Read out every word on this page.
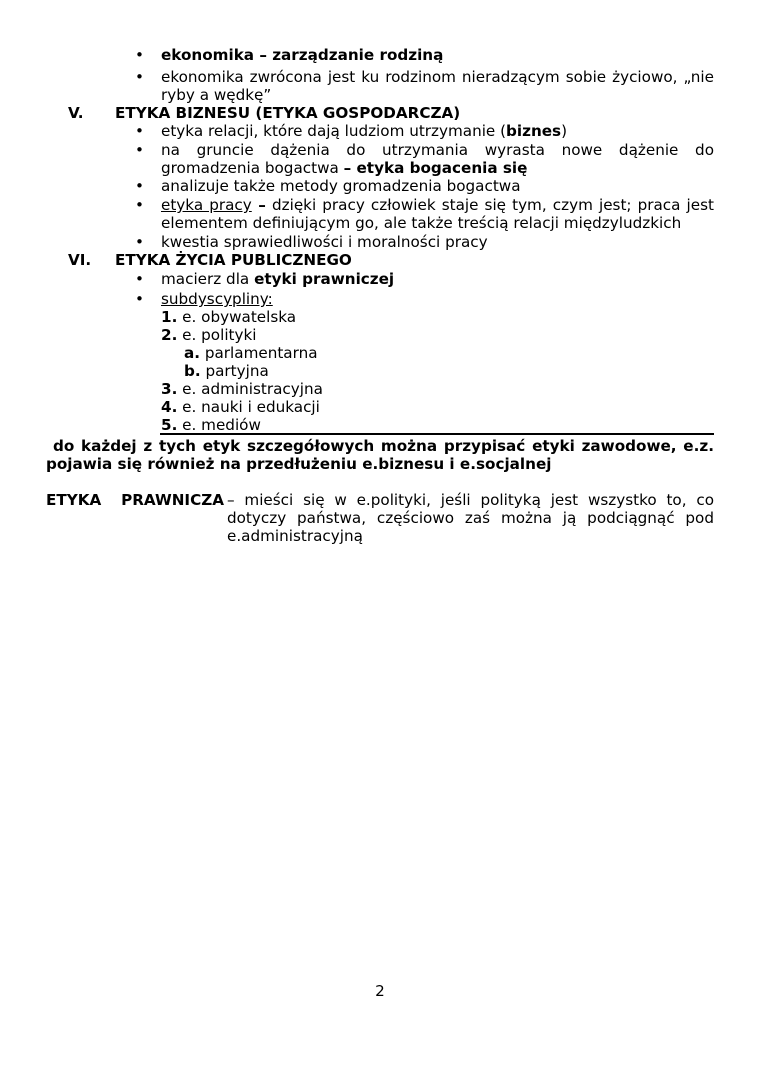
•	ekonomika – zarządzanie rodziną
•	ekonomika zwrócona jest ku rodzinom nieradzącym sobie życiowo, „nie ryby a wędkę”
V. ETYKA BIZNESU (ETYKA GOSPODARCZA)
•	etyka relacji, które dają ludziom utrzymanie (biznes)
•	na gruncie dążenia do utrzymania wyrasta nowe dążenie do gromadzenia bogactwa – etyka bogacenia się
•	analizuje także metody gromadzenia bogactwa
•	etyka pracy – dzięki pracy człowiek staje się tym, czym jest; praca jest elementem definiującym go, ale także treścią relacji międzyludzkich
•	kwestia sprawiedliwości i moralności pracy
VI. ETYKA ŻYCIA PUBLICZNEGO
•	macierz dla etyki prawniczej
•	subdyscypliny:
1. e. obywatelska
2. e. polityki
a. parlamentarna
b. partyjna
3. e. administracyjna
4. e. nauki i edukacji
5. e. mediów
do każdej z tych etyk szczegółowych można przypisać etyki zawodowe, e.z. pojawia się również na przedłużeniu e.biznesu i e.socjalnej
ETYKA PRAWNICZA – mieści się w e.polityki, jeśli polityką jest wszystko to, co dotyczy państwa, częściowo zaś można ją podciągnąć pod e.administracyjną
2
